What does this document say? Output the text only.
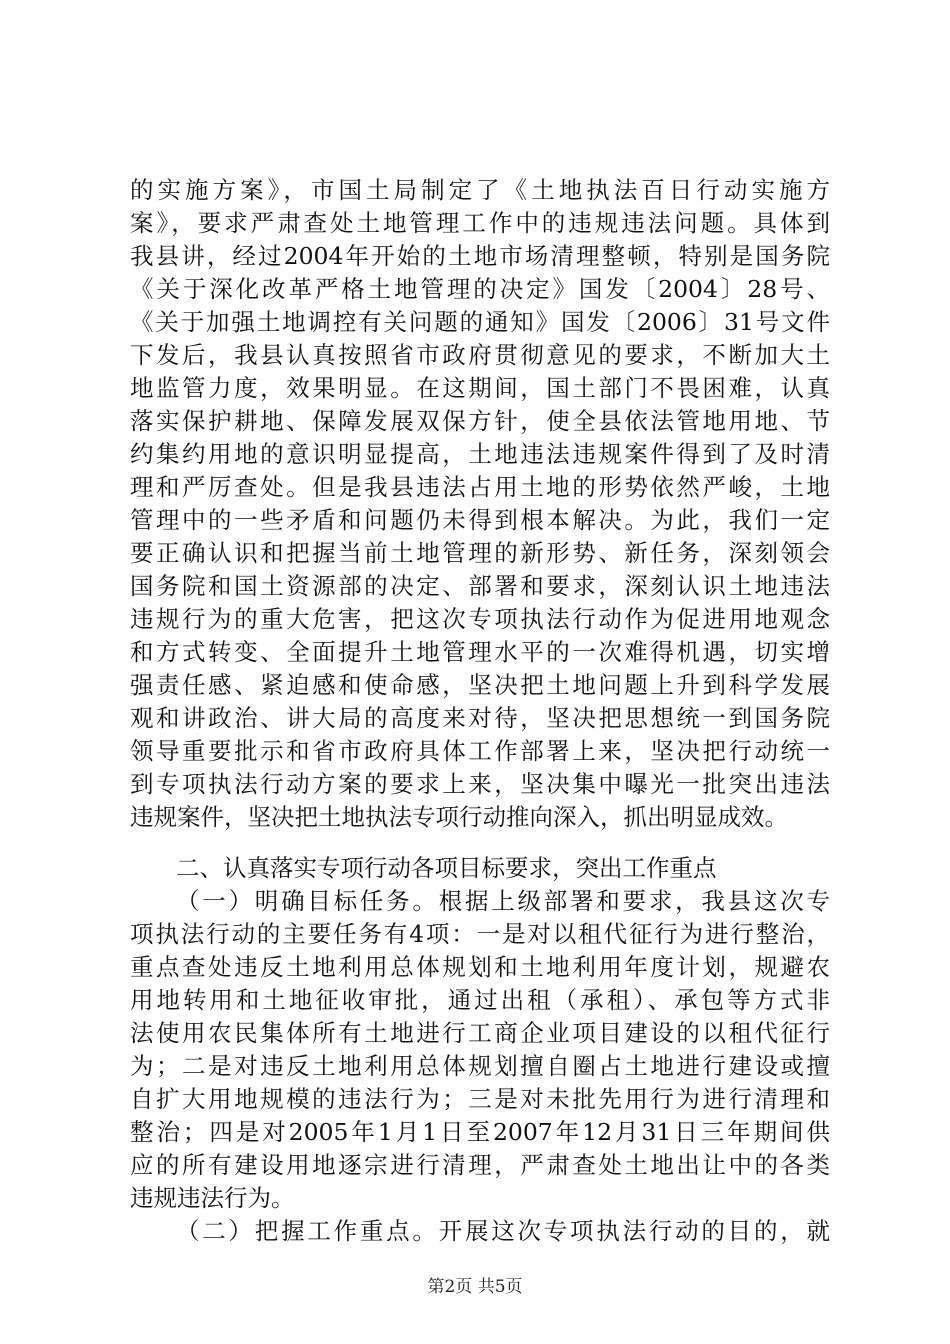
的实施方案》，市国土局制定了《土地执法百日行动实施方
案》，要求严肃查处土地管理工作中的违规违法问题。具体到
我县讲，经过2004年开始的土地市场清理整顿，特别是国务院
《关于深化改革严格土地管理的决定》国发〔2004〕28号、
《关于加强土地调控有关问题的通知》国发〔2006〕31号文件
下发后，我县认真按照省市政府贯彻意见的要求，不断加大土
地监管力度，效果明显。在这期间，国土部门不畏困难，认真
落实保护耕地、保障发展双保方针，使全县依法管地用地、节
约集约用地的意识明显提高，土地违法违规案件得到了及时清
理和严厉查处。但是我县违法占用土地的形势依然严峻，土地
管理中的一些矛盾和问题仍未得到根本解决。为此，我们一定
要正确认识和把握当前土地管理的新形势、新任务，深刻领会
国务院和国土资源部的决定、部署和要求，深刻认识土地违法
违规行为的重大危害，把这次专项执法行动作为促进用地观念
和方式转变、全面提升土地管理水平的一次难得机遇，切实增
强责任感、紧迫感和使命感，坚决把土地问题上升到科学发展
观和讲政治、讲大局的高度来对待，坚决把思想统一到国务院
领导重要批示和省市政府具体工作部署上来，坚决把行动统一
到专项执法行动方案的要求上来，坚决集中曝光一批突出违法
违规案件，坚决把土地执法专项行动推向深入，抓出明显成效。
二、认真落实专项行动各项目标要求，突出工作重点
（一）明确目标任务。根据上级部署和要求，我县这次专
项执法行动的主要任务有4项：一是对以租代征行为进行整治，
重点查处违反土地利用总体规划和土地利用年度计划，规避农
用地转用和土地征收审批，通过出租（承租）、承包等方式非
法使用农民集体所有土地进行工商企业项目建设的以租代征行
为；二是对违反土地利用总体规划擅自圈占土地进行建设或擅
自扩大用地规模的违法行为；三是对未批先用行为进行清理和
整治；四是对2005年1月1日至2007年12月31日三年期间供
应的所有建设用地逐宗进行清理，严肃查处土地出让中的各类
违规违法行为。
（二）把握工作重点。开展这次专项执法行动的目的，就
第2页 共5页
